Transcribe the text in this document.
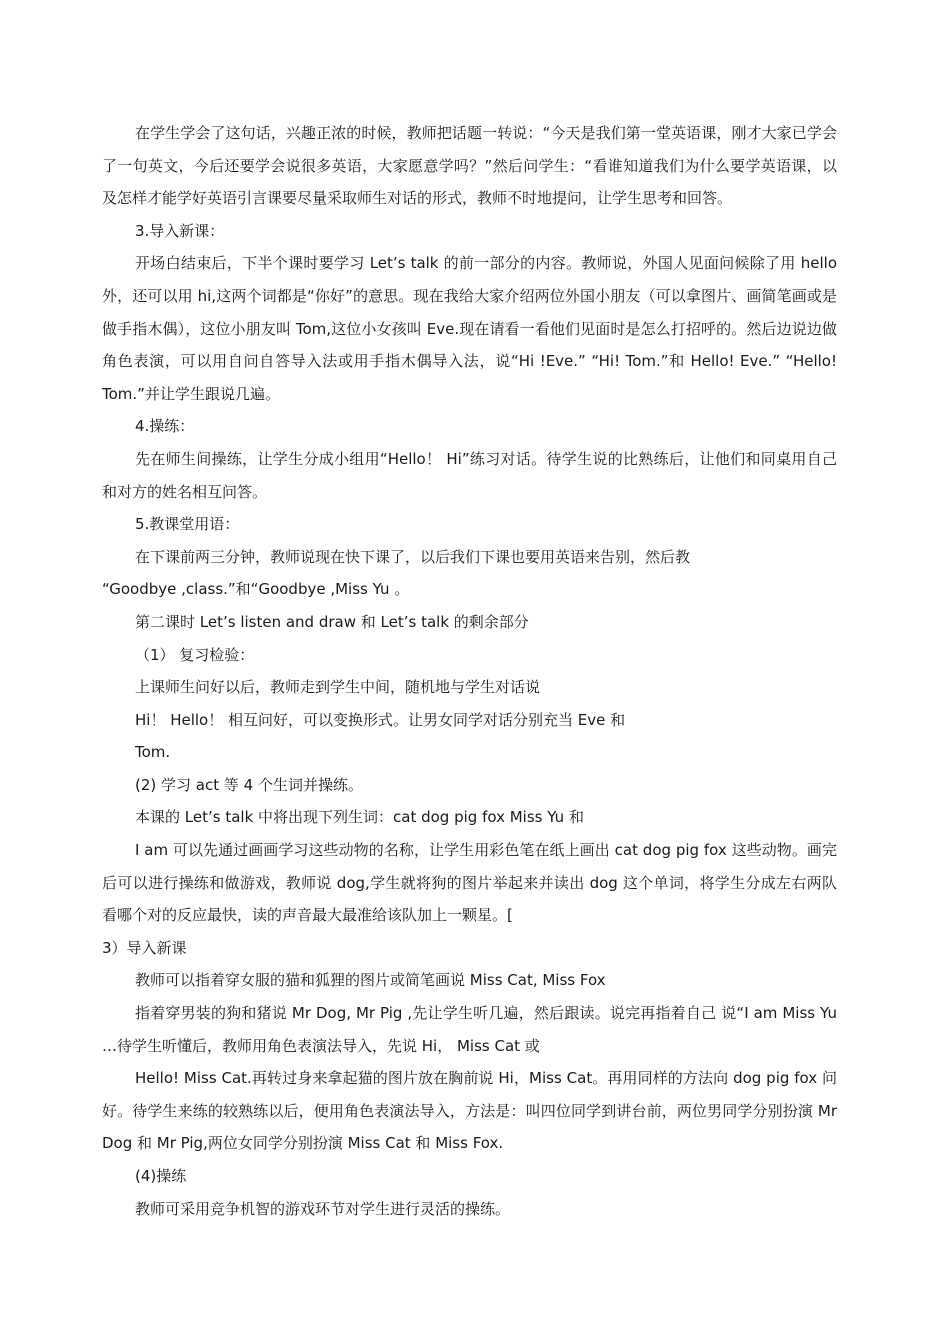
在学生学会了这句话，兴趣正浓的时候，教师把话题一转说：“今天是我们第一堂英语课，刚才大家已学会了一句英文，今后还要学会说很多英语，大家愿意学吗？”然后问学生：“看谁知道我们为什么要学英语课，以及怎样才能学好英语引言课要尽量采取师生对话的形式，教师不时地提问，让学生思考和回答。

3.导入新课：

开场白结束后，下半个课时要学习 Let’s talk 的前一部分的内容。教师说，外国人见面问候除了用 hello 外，还可以用 hi,这两个词都是“你好”的意思。现在我给大家介绍两位外国小朋友（可以拿图片、画简笔画或是做手指木偶），这位小朋友叫 Tom,这位小女孩叫 Eve.现在请看一看他们见面时是怎么打招呼的。然后边说边做角色表演，可以用自问自答导入法或用手指木偶导入法，说“Hi !Eve.” “Hi! Tom.”和 Hello! Eve.” “Hello! Tom.”并让学生跟说几遍。

4.操练：

先在师生间操练，让学生分成小组用“Hello！ Hi”练习对话。待学生说的比熟练后，让他们和同桌用自己和对方的姓名相互问答。

5.教课堂用语：

在下课前两三分钟，教师说现在快下课了，以后我们下课也要用英语来告别，然后教

“Goodbye ,class.”和“Goodbye ,Miss Yu 。

第二课时 Let’s listen and draw 和 Let’s talk 的剩余部分

（1） 复习检验：

上课师生问好以后，教师走到学生中间，随机地与学生对话说

Hi！ Hello！ 相互问好，可以变换形式。让男女同学对话分别充当 Eve 和

Tom.

(2) 学习 act 等 4 个生词并操练。

本课的 Let’s talk 中将出现下列生词：cat dog pig fox Miss Yu 和

I am 可以先通过画画学习这些动物的名称，让学生用彩色笔在纸上画出 cat dog pig fox 这些动物。画完后可以进行操练和做游戏，教师说 dog,学生就将狗的图片举起来并读出 dog 这个单词，将学生分成左右两队看哪个对的反应最快，读的声音最大最准给该队加上一颗星。[

3）导入新课

教师可以指着穿女服的猫和狐狸的图片或简笔画说 Miss Cat, Miss Fox

指着穿男装的狗和猪说 Mr Dog, Mr Pig ,先让学生听几遍，然后跟读。说完再指着自己 说“I am Miss Yu …待学生听懂后，教师用角色表演法导入，先说 Hi， Miss Cat 或

Hello! Miss Cat.再转过身来拿起猫的图片放在胸前说 Hi，Miss Cat。再用同样的方法向 dog pig fox 问好。待学生来练的较熟练以后，便用角色表演法导入，方法是：叫四位同学到讲台前，两位男同学分别扮演 Mr Dog 和 Mr Pig,两位女同学分别扮演 Miss Cat 和 Miss Fox.

(4)操练

教师可采用竞争机智的游戏环节对学生进行灵活的操练。
